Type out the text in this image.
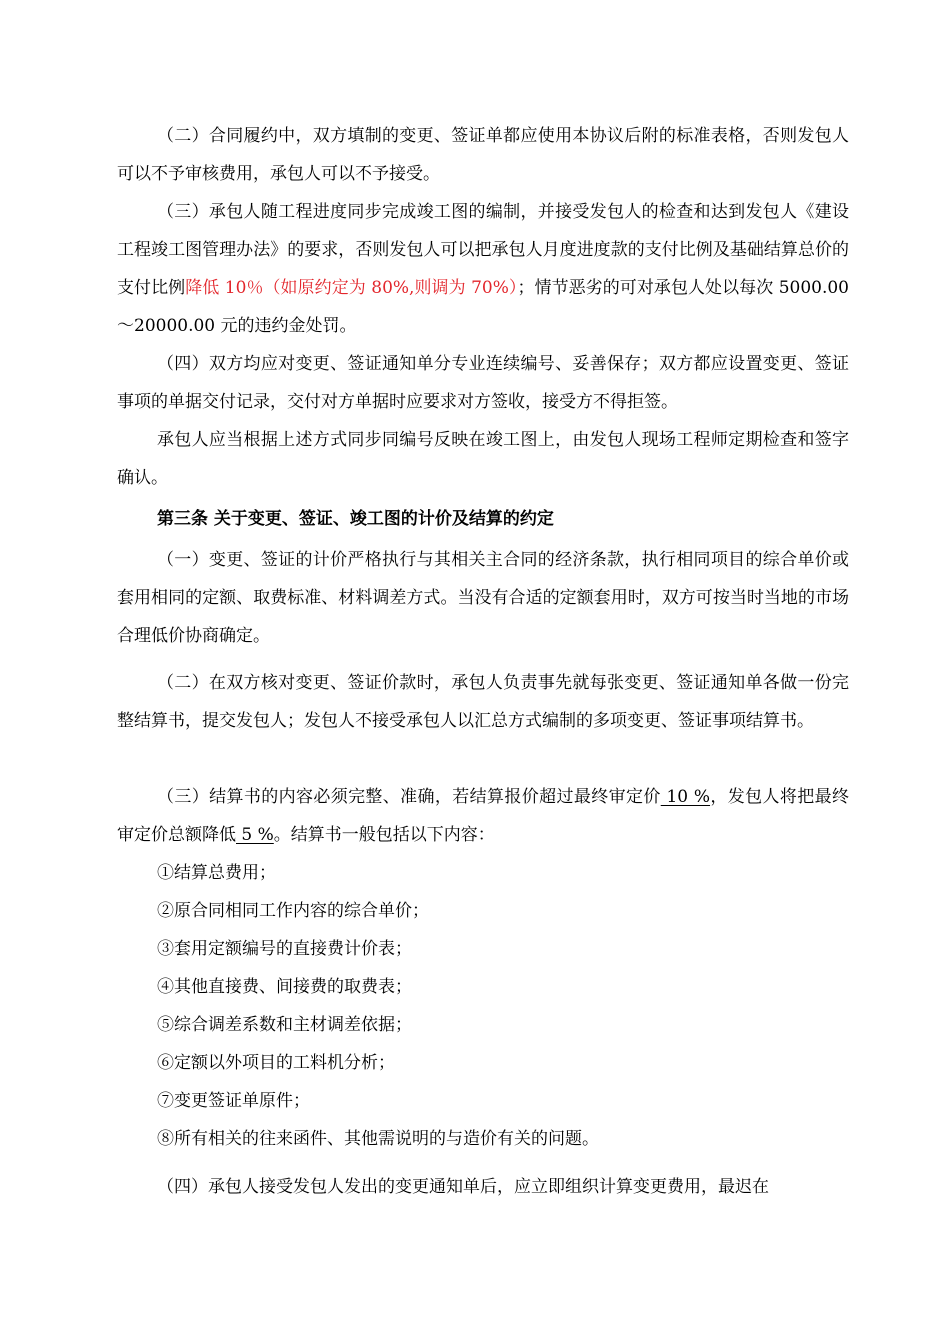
（二）合同履约中，双方填制的变更、签证单都应使用本协议后附的标准表格，否则发包人可以不予审核费用，承包人可以不予接受。

（三）承包人随工程进度同步完成竣工图的编制，并接受发包人的检查和达到发包人《建设工程竣工图管理办法》的要求，否则发包人可以把承包人月度进度款的支付比例及基础结算总价的支付比例降低 10％（如原约定为 80%,则调为 70%）；情节恶劣的可对承包人处以每次 5000.00～20000.00 元的违约金处罚。

（四）双方均应对变更、签证通知单分专业连续编号、妥善保存；双方都应设置变更、签证事项的单据交付记录，交付对方单据时应要求对方签收，接受方不得拒签。

承包人应当根据上述方式同步同编号反映在竣工图上，由发包人现场工程师定期检查和签字确认。

第三条 关于变更、签证、竣工图的计价及结算的约定

（一）变更、签证的计价严格执行与其相关主合同的经济条款，执行相同项目的综合单价或套用相同的定额、取费标准、材料调差方式。当没有合适的定额套用时，双方可按当时当地的市场合理低价协商确定。

（二）在双方核对变更、签证价款时，承包人负责事先就每张变更、签证通知单各做一份完整结算书，提交发包人；发包人不接受承包人以汇总方式编制的多项变更、签证事项结算书。

（三）结算书的内容必须完整、准确，若结算报价超过最终审定价 10 %，发包人将把最终审定价总额降低 5 %。结算书一般包括以下内容：

①结算总费用；

②原合同相同工作内容的综合单价；

③套用定额编号的直接费计价表；

④其他直接费、间接费的取费表；

⑤综合调差系数和主材调差依据；

⑥定额以外项目的工料机分析；

⑦变更签证单原件；

⑧所有相关的往来函件、其他需说明的与造价有关的问题。

（四）承包人接受发包人发出的变更通知单后，应立即组织计算变更费用，最迟在
